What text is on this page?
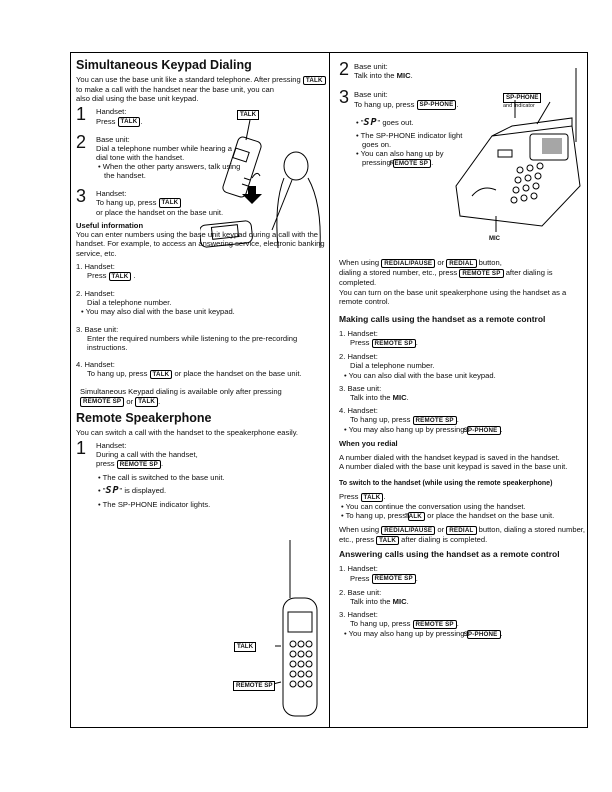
Simultaneous Keypad Dialing

You can use the base unit like a standard telephone. After pressing TALK to make a call with the handset near the base unit, you can
also dial using the base unit keypad.

1 Handset:

Press TALK .

2 Base unit:

Dial a telephone number while hearing a dial tone with the handset.

• When the other party answers, talk using the handset.

3 Handset:

To hang up, press TALK
or place the handset on the base unit.

Useful information

You can enter numbers using the base unit keypad during a call with the handset. For example, to access an answering service, electronic banking service, etc.

1. Handset:

Press TALK .

2. Handset:

Dial a telephone number.

• You may also dial with the base unit keypad.

3. Base unit:

Enter the required numbers while listening to the pre-recording instructions.

4. Handset:

To hang up, press TALK or place the handset on the base unit.

Simultaneous Keypad dialing is available only after pressing REMOTE SP or TALK .

Remote Speakerphone

You can switch a call with the handset to the speakerphone easily.

1 Handset:

During a call with the handset,

press REMOTE SP .

• The call is switched to the base unit.

• "SP" is displayed.

• The SP-PHONE indicator lights.

TALK
TALK
REMOTE SP
2 Base unit:

Talk into the MIC.

3 Base unit:

To hang up, press SP-PHONE .

• "SP" goes out.

• The SP-PHONE indicator light goes on.

• You can also hang up by pressing REMOTE SP .

When using REDIAL/PAUSE or REDIAL button,
dialing a stored number, etc., press REMOTE SP after dialing is completed.

You can turn on the base unit speakerphone using the handset as a remote control.

Making calls using the handset as a remote control

1. Handset:

Press REMOTE SP .

2. Handset:

Dial a telephone number.

• You can also dial with the base unit keypad.

3. Base unit:

Talk into the MIC.

4. Handset:

To hang up, press REMOTE SP .

• You may also hang up by pressing SP-PHONE .

When you redial

A number dialed with the handset keypad is saved in the handset.

A number dialed with the base unit keypad is saved in the base unit.

To switch to the handset (while using the remote speakerphone)

Press TALK .

• You can continue the conversation using the handset.

• To hang up, press TALK or place the handset on the base unit.

When using REDIAL/PAUSE or REDIAL button, dialing a stored number, etc., press TALK after dialing is completed.

Answering calls using the handset as a remote control

1. Handset:

Press REMOTE SP .

2. Base unit:

Talk into the MIC.

3. Handset:

To hang up, press REMOTE SP .

• You may also hang up by pressing SP-PHONE .

SP-PHONE
and Indicator
MIC
